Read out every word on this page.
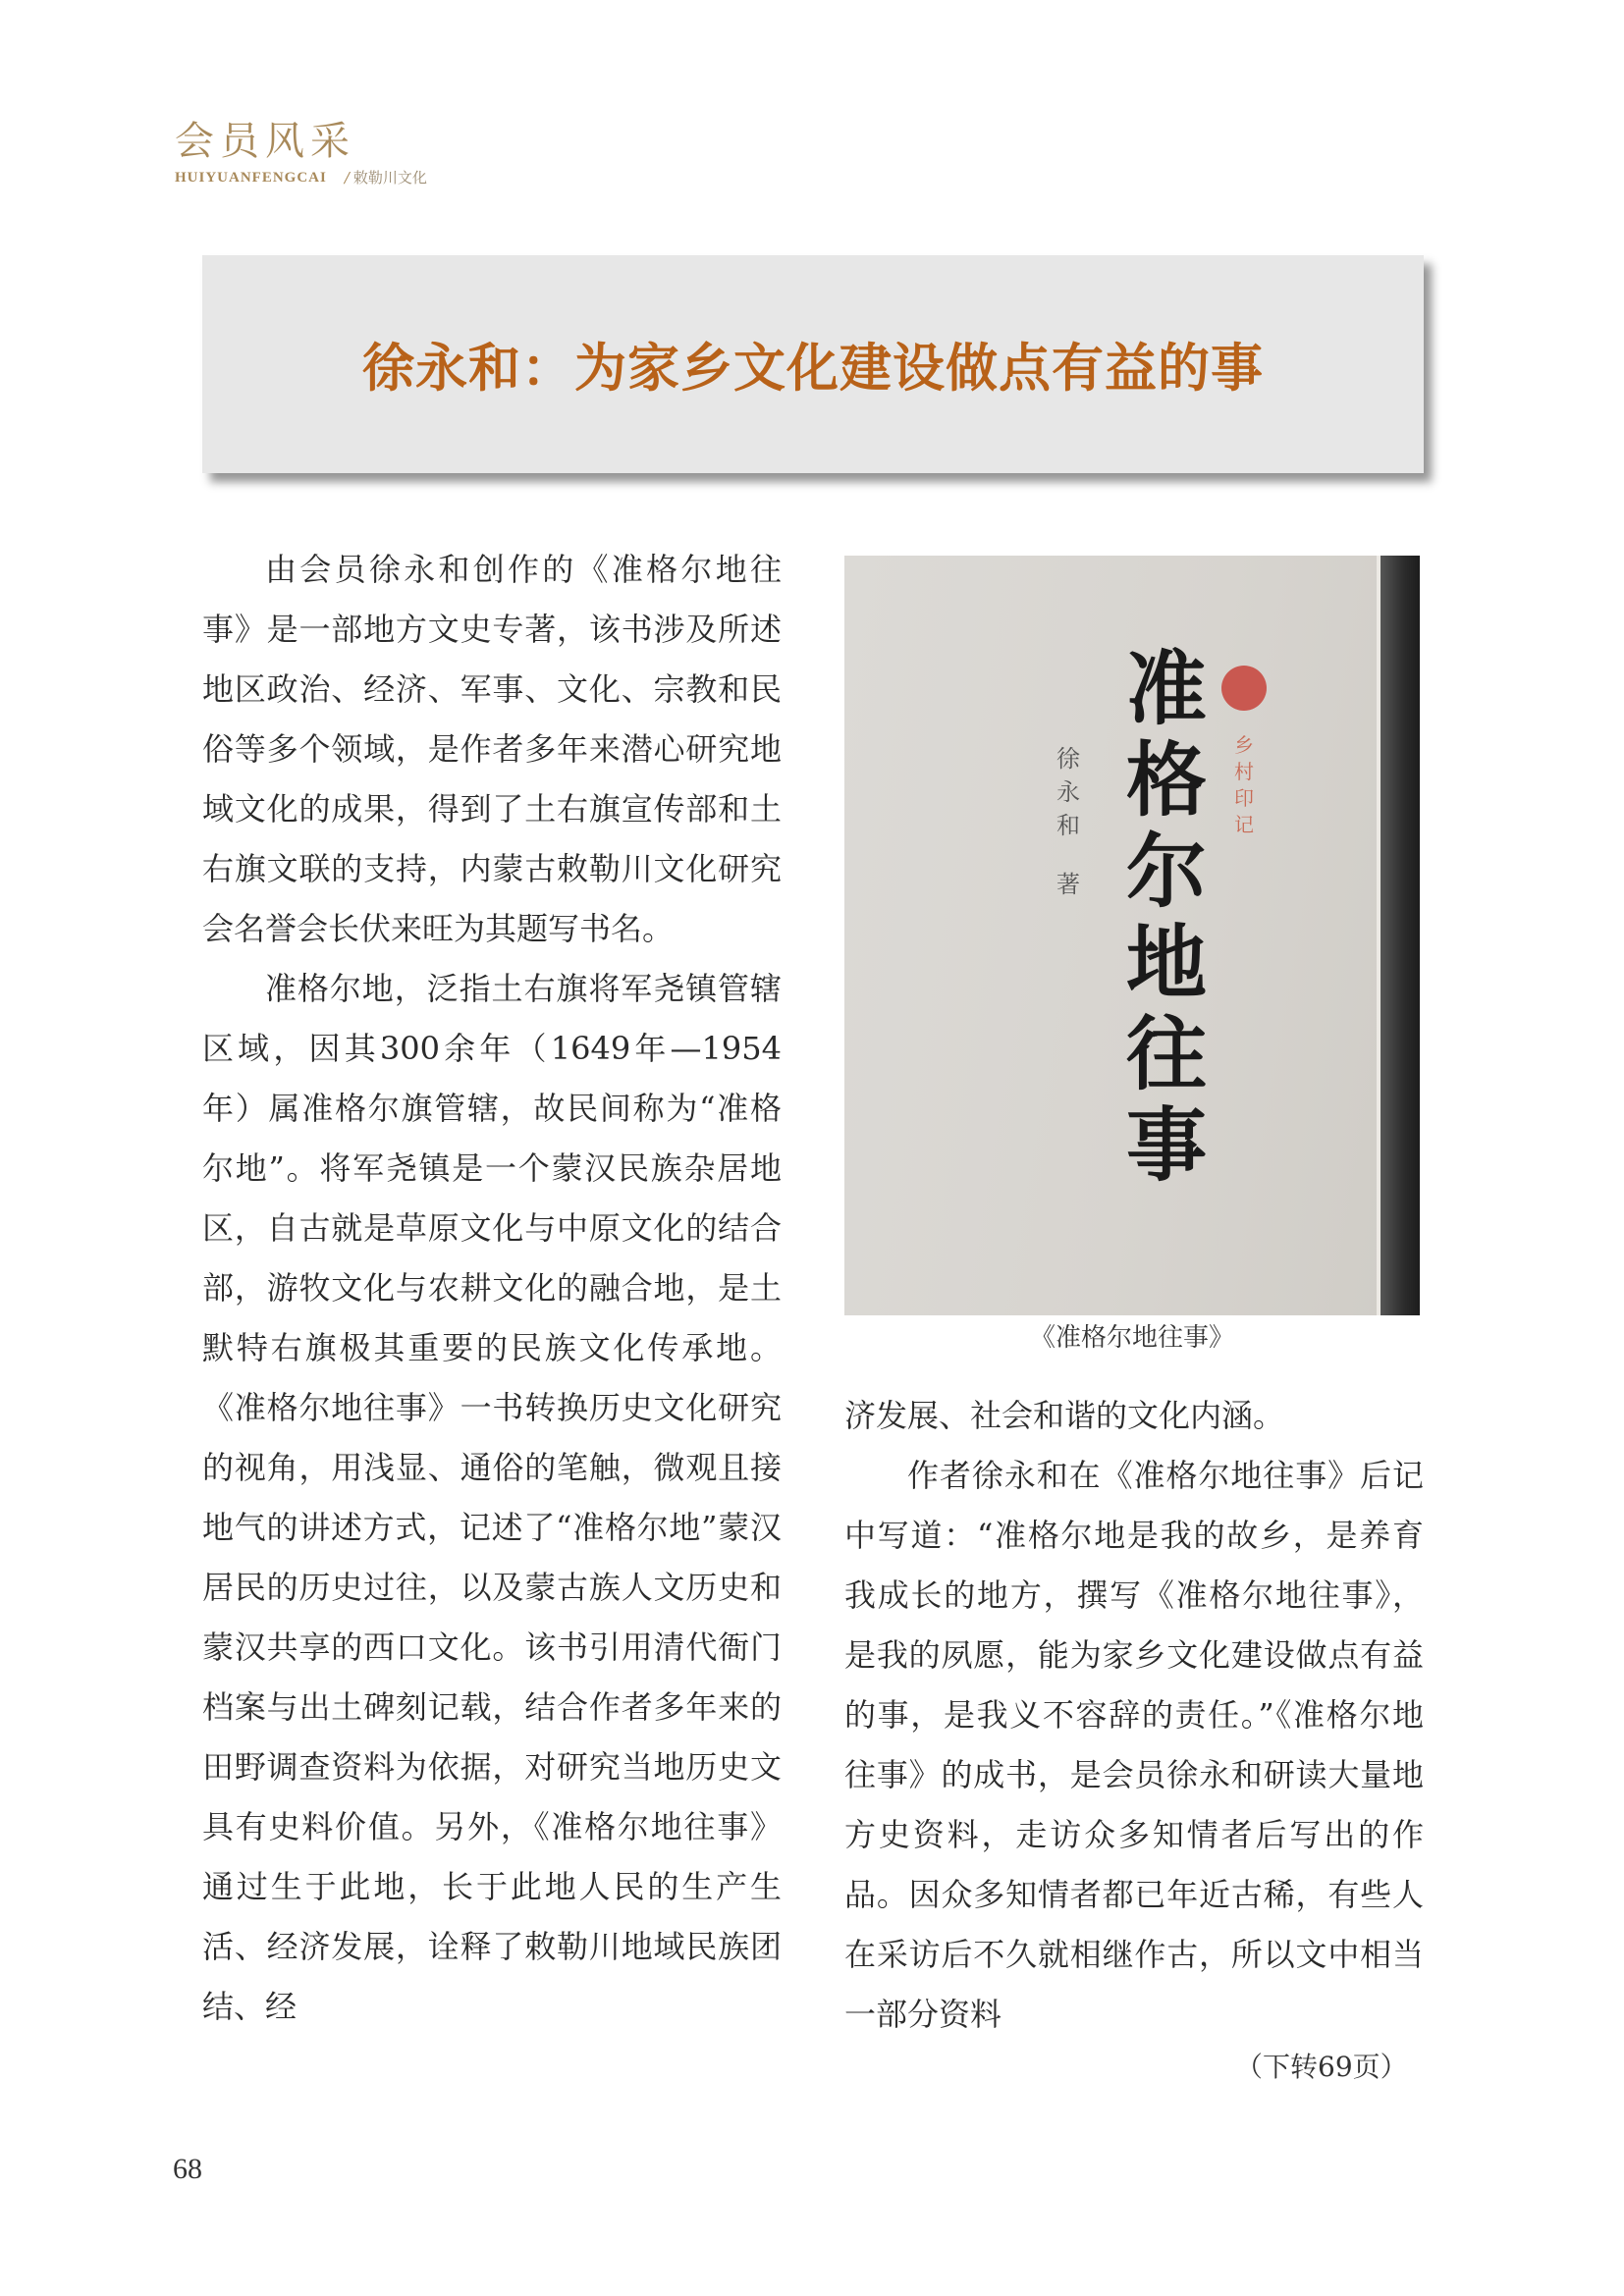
会员风采
HUIYUANFENGCAI / 敕勒川文化
徐永和：为家乡文化建设做点有益的事

由会员徐永和创作的《准格尔地往事》是一部地方文史专著，该书涉及所述地区政治、经济、军事、文化、宗教和民俗等多个领域，是作者多年来潜心研究地域文化的成果，得到了土右旗宣传部和土右旗文联的支持，内蒙古敕勒川文化研究会名誉会长伏来旺为其题写书名。

准格尔地，泛指土右旗将军尧镇管辖区域，因其300余年（1649年—1954年）属准格尔旗管辖，故民间称为“准格尔地”。将军尧镇是一个蒙汉民族杂居地区，自古就是草原文化与中原文化的结合部，游牧文化与农耕文化的融合地，是土默特右旗极其重要的民族文化传承地。《准格尔地往事》一书转换历史文化研究的视角，用浅显、通俗的笔触，微观且接地气的讲述方式，记述了“准格尔地”蒙汉居民的历史过往，以及蒙古族人文历史和蒙汉共享的西口文化。该书引用清代衙门档案与出土碑刻记载，结合作者多年来的田野调查资料为依据，对研究当地历史文具有史料价值。另外，《准格尔地往事》通过生于此地，长于此地人民的生产生活、经济发展，诠释了敕勒川地域民族团结、经

乡
村
印
记
准
格
尔
地
往
事
徐
永
和
著
《准格尔地往事》

济发展、社会和谐的文化内涵。

作者徐永和在《准格尔地往事》后记中写道：“准格尔地是我的故乡，是养育我成长的地方，撰写《准格尔地往事》，是我的夙愿，能为家乡文化建设做点有益的事，是我义不容辞的责任。”《准格尔地往事》的成书，是会员徐永和研读大量地方史资料，走访众多知情者后写出的作品。因众多知情者都已年近古稀，有些人在采访后不久就相继作古，所以文中相当一部分资料

（下转69页）
68
